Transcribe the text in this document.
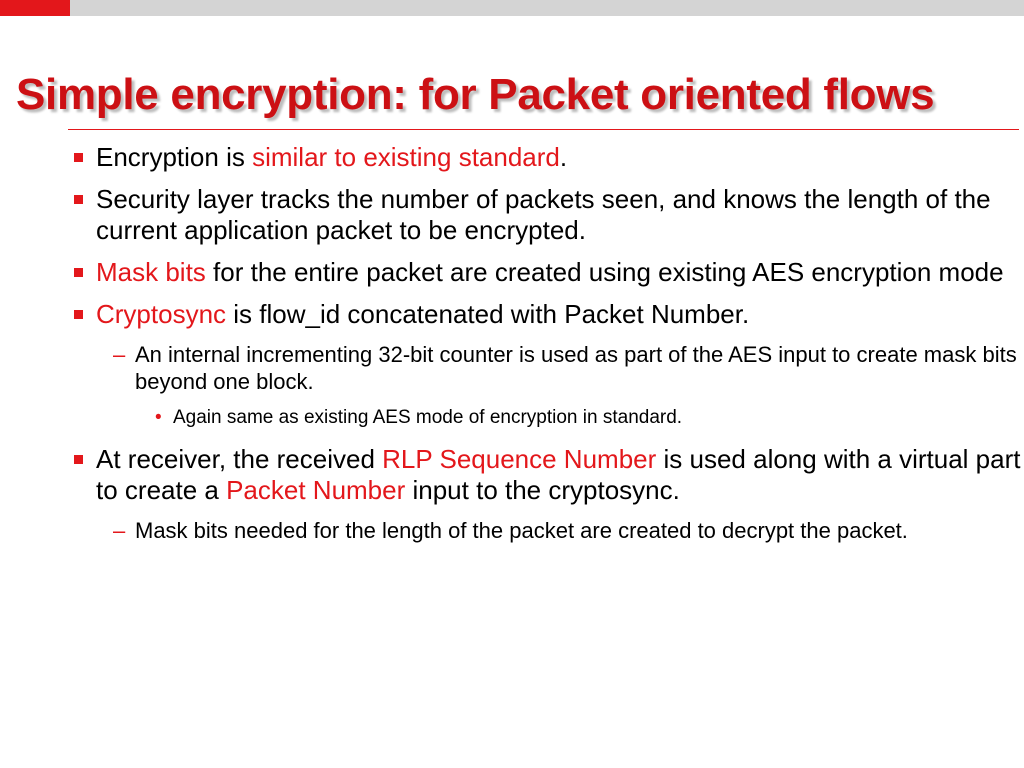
Simple encryption: for Packet oriented flows
Encryption is similar to existing standard.
Security layer tracks the number of packets seen, and knows the length of the current application packet to be encrypted.
Mask bits for the entire packet are created using existing AES encryption mode
Cryptosync is flow_id concatenated with Packet Number.
– An internal incrementing 32-bit counter is used as part of the AES input to create mask bits beyond one block.
• Again same as existing AES mode of encryption in standard.
At receiver, the received RLP Sequence Number is used along with a virtual part to create a Packet Number input to the cryptosync.
– Mask bits needed for the length of the packet are created to decrypt the packet.
